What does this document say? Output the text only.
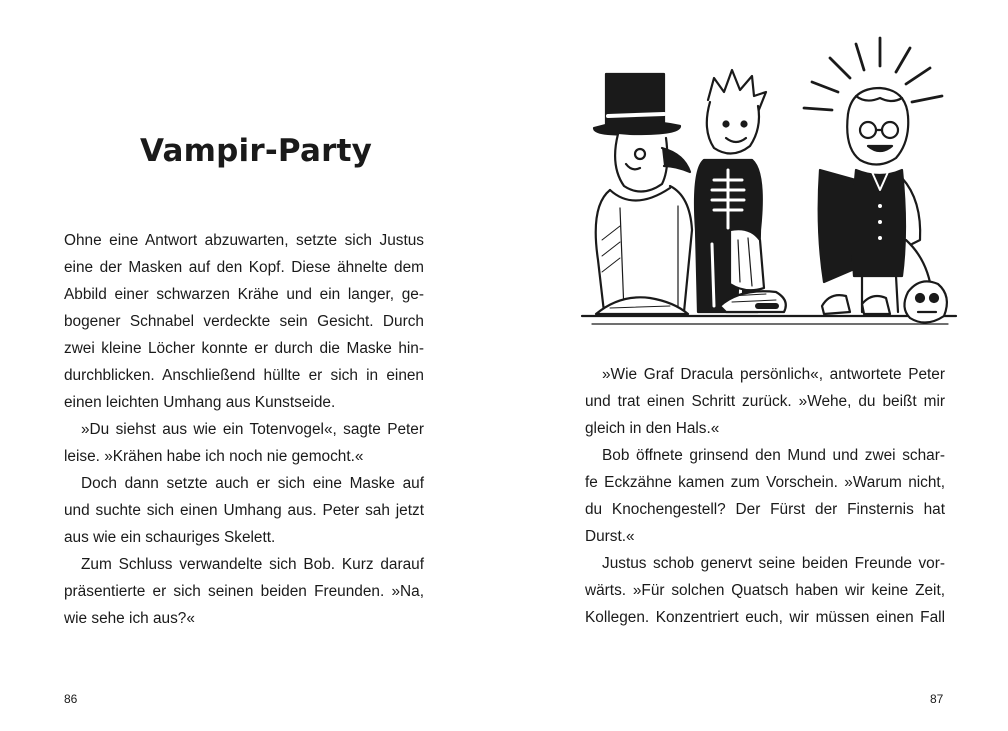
Vampir-Party
Ohne eine Antwort abzuwarten, setzte sich Justus
eine der Masken auf den Kopf. Diese ähnelte dem
Abbild einer schwarzen Krähe und ein langer, ge-
bogener Schnabel verdeckte sein Gesicht. Durch
zwei kleine Löcher konnte er durch die Maske hin-
durchblicken. Anschließend hüllte er sich in einen
einen leichten Umhang aus Kunstseide.
»Du siehst aus wie ein Totenvogel«, sagte Peter
leise. »Krähen habe ich noch nie gemocht.«
Doch dann setzte auch er sich eine Maske auf
und suchte sich einen Umhang aus. Peter sah jetzt
aus wie ein schauriges Skelett.
Zum Schluss verwandelte sich Bob. Kurz darauf
präsentierte er sich seinen beiden Freunden. »Na,
wie sehe ich aus?«
86
»Wie Graf Dracula persönlich«, antwortete Peter
und trat einen Schritt zurück. »Wehe, du beißt mir
gleich in den Hals.«
Bob öffnete grinsend den Mund und zwei schar-
fe Eckzähne kamen zum Vorschein. »Warum nicht,
du Knochengestell? Der Fürst der Finsternis hat
Durst.«
Justus schob genervt seine beiden Freunde vor-
wärts. »Für solchen Quatsch haben wir keine Zeit,
Kollegen. Konzentriert euch, wir müssen einen Fall
87
